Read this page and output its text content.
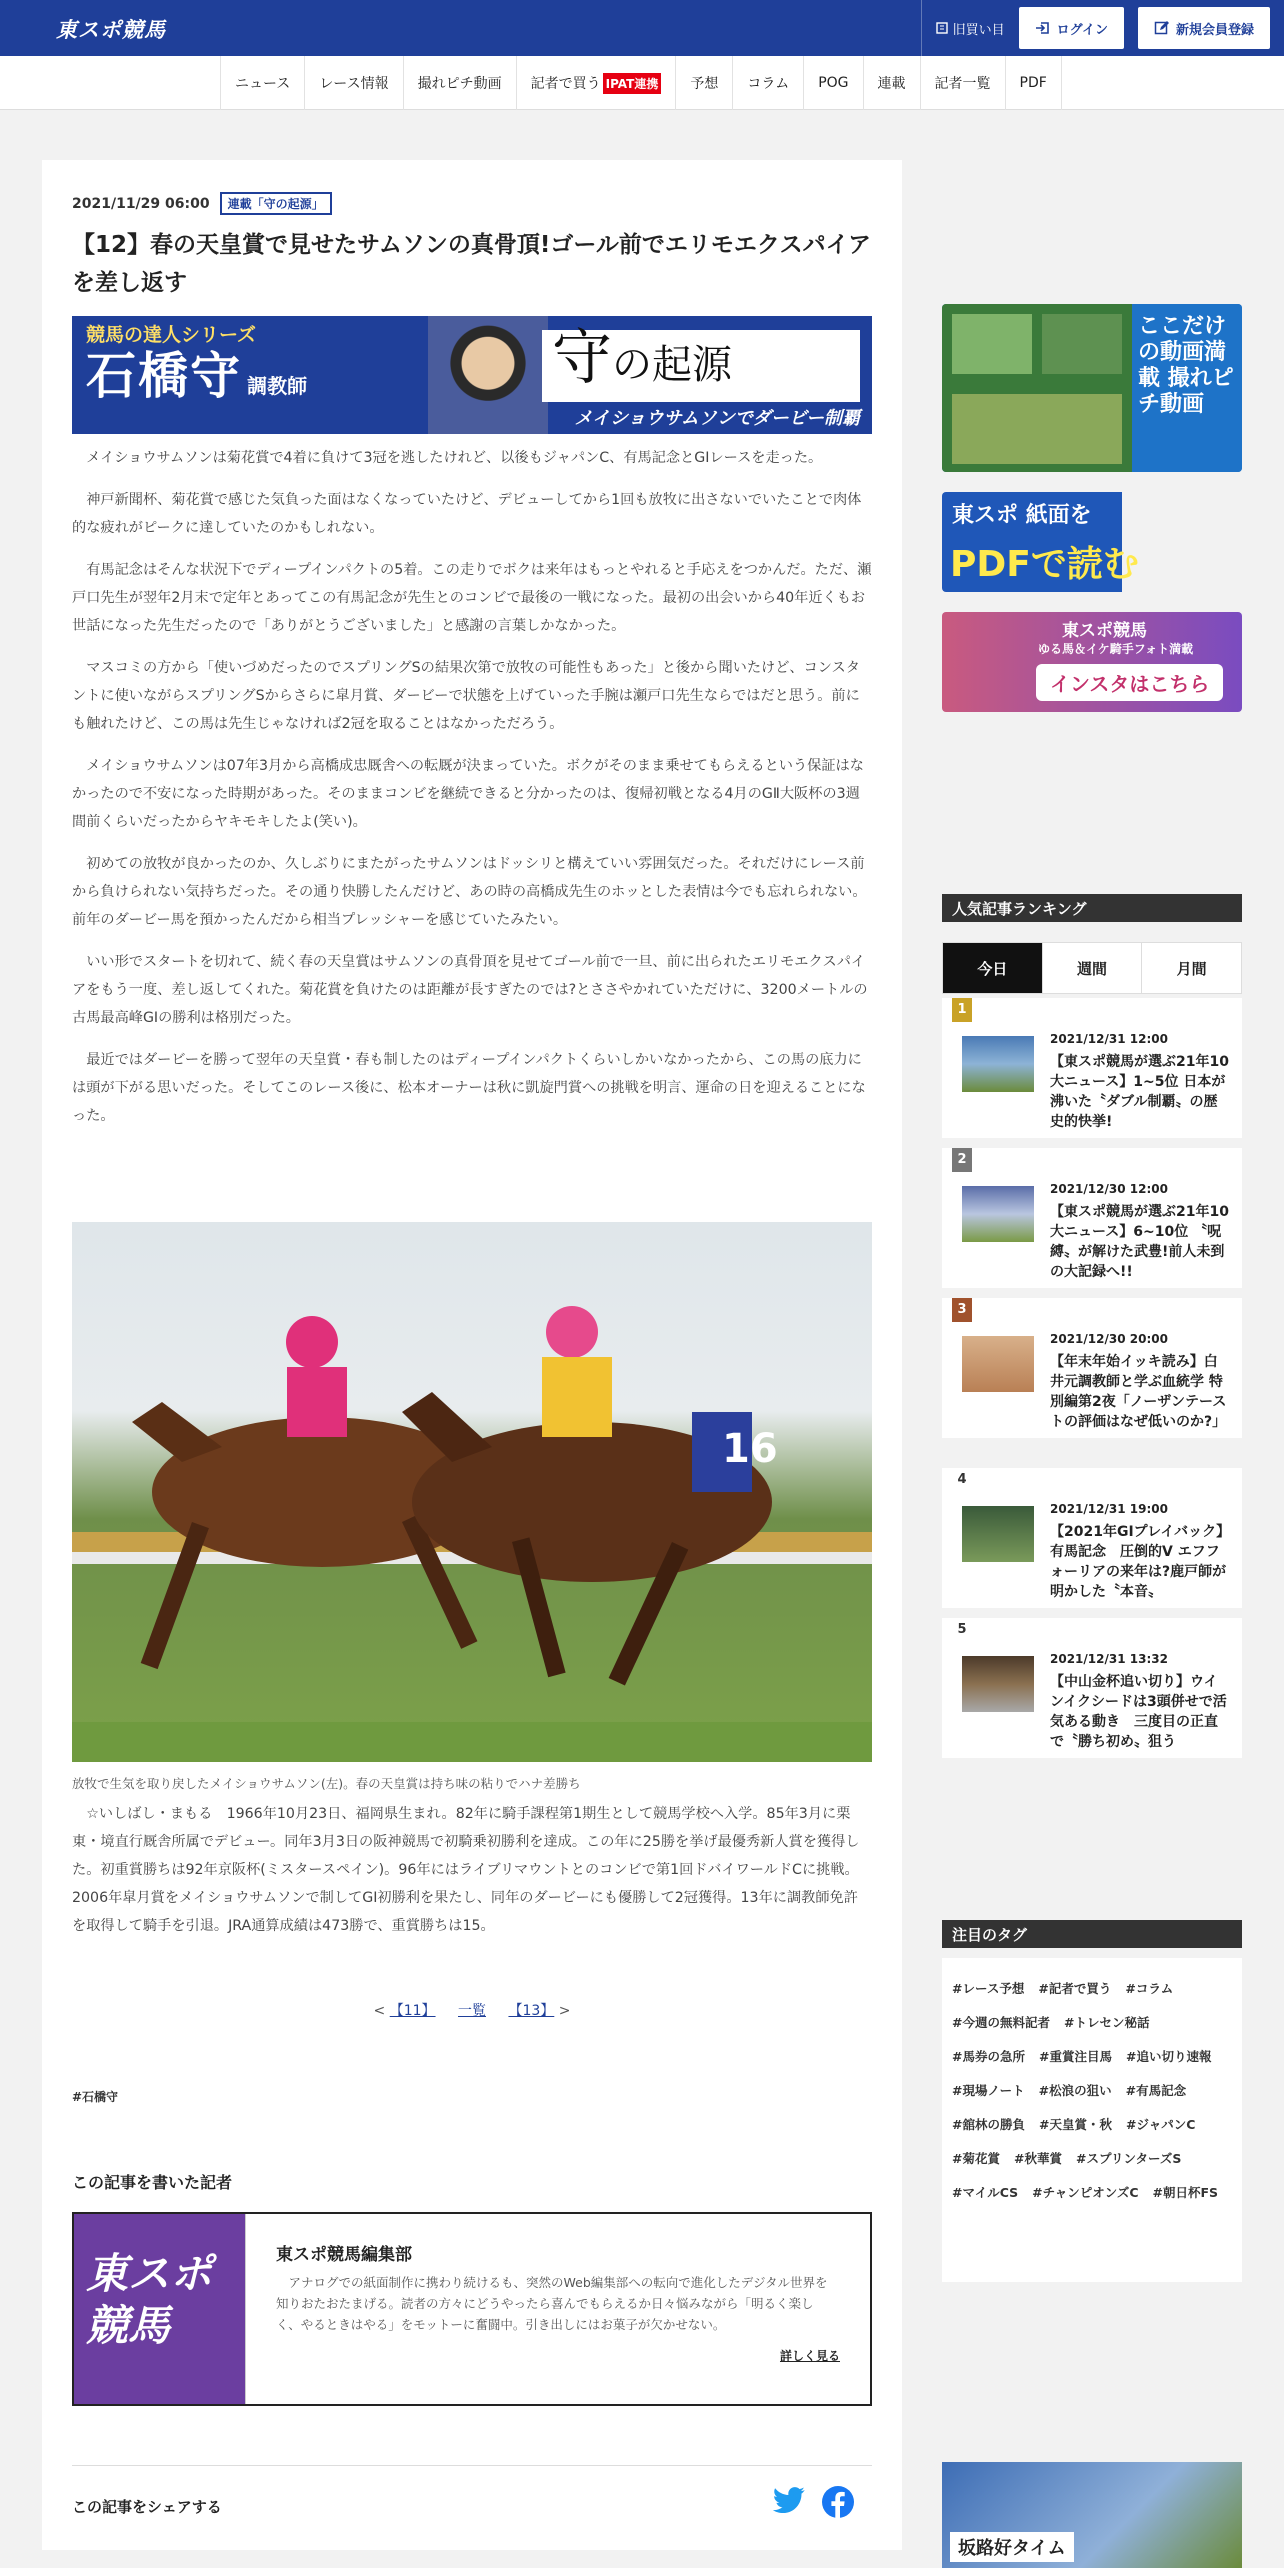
東スポ競馬	旧買い目	ログイン	新規会員登録
ニュース レース情報 撮れピチ動画 記者で買う IPAT連携 予想 コラム POG 連載 記者一覧 PDF
2021/11/29 06:00	連載「守の起源」
【12】春の天皇賞で見せたサムソンの真骨頂!ゴール前でエリモエクスパイアを差し返す
競馬の達人シリーズ
石橋守 調教師	守の起源
メイショウサムソンでダービー制覇

メイショウサムソンは菊花賞で4着に負けて3冠を逃したけれど、以後もジャパンC、有馬記念とGⅠレースを走った。

神戸新聞杯、菊花賞で感じた気負った面はなくなっていたけど、デビューしてから1回も放牧に出さないでいたことで肉体的な疲れがピークに達していたのかもしれない。

有馬記念はそんな状況下でディープインパクトの5着。この走りでボクは来年はもっとやれると手応えをつかんだ。ただ、瀬戸口先生が翌年2月末で定年とあってこの有馬記念が先生とのコンビで最後の一戦になった。最初の出会いから40年近くもお世話になった先生だったので「ありがとうございました」と感謝の言葉しかなかった。

マスコミの方から「使いづめだったのでスプリングSの結果次第で放牧の可能性もあった」と後から聞いたけど、コンスタントに使いながらスプリングSからさらに皐月賞、ダービーで状態を上げていった手腕は瀬戸口先生ならではだと思う。前にも触れたけど、この馬は先生じゃなければ2冠を取ることはなかっただろう。

メイショウサムソンは07年3月から高橋成忠厩舎への転厩が決まっていた。ボクがそのまま乗せてもらえるという保証はなかったので不安になった時期があった。そのままコンビを継続できると分かったのは、復帰初戦となる4月のGⅡ大阪杯の3週間前くらいだったからヤキモキしたよ(笑い)。

初めての放牧が良かったのか、久しぶりにまたがったサムソンはドッシリと構えていい雰囲気だった。それだけにレース前から負けられない気持ちだった。その通り快勝したんだけど、あの時の高橋成先生のホッとした表情は今でも忘れられない。前年のダービー馬を預かったんだから相当プレッシャーを感じていたみたい。

いい形でスタートを切れて、続く春の天皇賞はサムソンの真骨頂を見せてゴール前で一旦、前に出られたエリモエクスパイアをもう一度、差し返してくれた。菊花賞を負けたのは距離が長すぎたのでは?とささやかれていただけに、3200メートルの古馬最高峰GⅠの勝利は格別だった。

最近ではダービーを勝って翌年の天皇賞・春も制したのはディープインパクトくらいしかいなかったから、この馬の底力には頭が下がる思いだった。そしてこのレース後に、松本オーナーは秋に凱旋門賞への挑戦を明言、運命の日を迎えることになった。

16
放牧で生気を取り戻したメイショウサムソン(左)。春の天皇賞は持ち味の粘りでハナ差勝ち

☆いしばし・まもる　1966年10月23日、福岡県生まれ。82年に騎手課程第1期生として競馬学校へ入学。85年3月に栗東・境直行厩舎所属でデビュー。同年3月3日の阪神競馬で初騎乗初勝利を達成。この年に25勝を挙げ最優秀新人賞を獲得した。初重賞勝ちは92年京阪杯(ミスタースペイン)。96年にはライブリマウントとのコンビで第1回ドバイワールドCに挑戦。2006年皐月賞をメイショウサムソンで制してGⅠ初勝利を果たし、同年のダービーにも優勝して2冠獲得。13年に調教師免許を取得して騎手を引退。JRA通算成績は473勝で、重賞勝ちは15。

< 【11】 一覧 【13】 >
#石橋守
この記事を書いた記者
東スポ競馬
東スポ競馬編集部
アナログでの紙面制作に携わり続けるも、突然のWeb編集部への転向で進化したデジタル世界を知りおたおたまげる。読者の方々にどうやったら喜んでもらえるか日々悩みながら「明るく楽しく、やるときはやる」をモットーに奮闘中。引き出しにはお菓子が欠かせない。
詳しく見る
この記事をシェアする
ここだけの動画満載 撮れピチ動画
東スポ 紙面を
PDFで読む
東スポ競馬
ゆる馬＆イケ騎手フォト満載
インスタはこちら
人気記事ランキング
今日	週間	月間
1
2021/12/31 12:00
【東スポ競馬が選ぶ21年10大ニュース】1~5位 日本が沸いた〝ダブル制覇〟の歴史的快挙!
2
2021/12/30 12:00
【東スポ競馬が選ぶ21年10大ニュース】6~10位 〝呪縛〟が解けた武豊!前人未到の大記録へ!!
3
2021/12/30 20:00
【年末年始イッキ読み】白井元調教師と学ぶ血統学 特別編第2夜「ノーザンテーストの評価はなぜ低いのか?」
4
2021/12/31 19:00
【2021年GⅠプレイバック】有馬記念　圧倒的V エフフォーリアの来年は?鹿戸師が明かした〝本音〟
5
2021/12/31 13:32
【中山金杯追い切り】ウインイクシードは3頭併せで活気ある動き　三度目の正直で〝勝ち初め〟狙う
注目のタグ
#レース予想 #記者で買う #コラム
#今週の無料記者 #トレセン秘話
#馬券の急所 #重賞注目馬 #追い切り速報
#現場ノート #松浪の狙い #有馬記念
#舘林の勝負 #天皇賞・秋 #ジャパンC
#菊花賞 #秋華賞 #スプリンターズS
#マイルCS #チャンピオンズC #朝日杯FS
坂路好タイム
